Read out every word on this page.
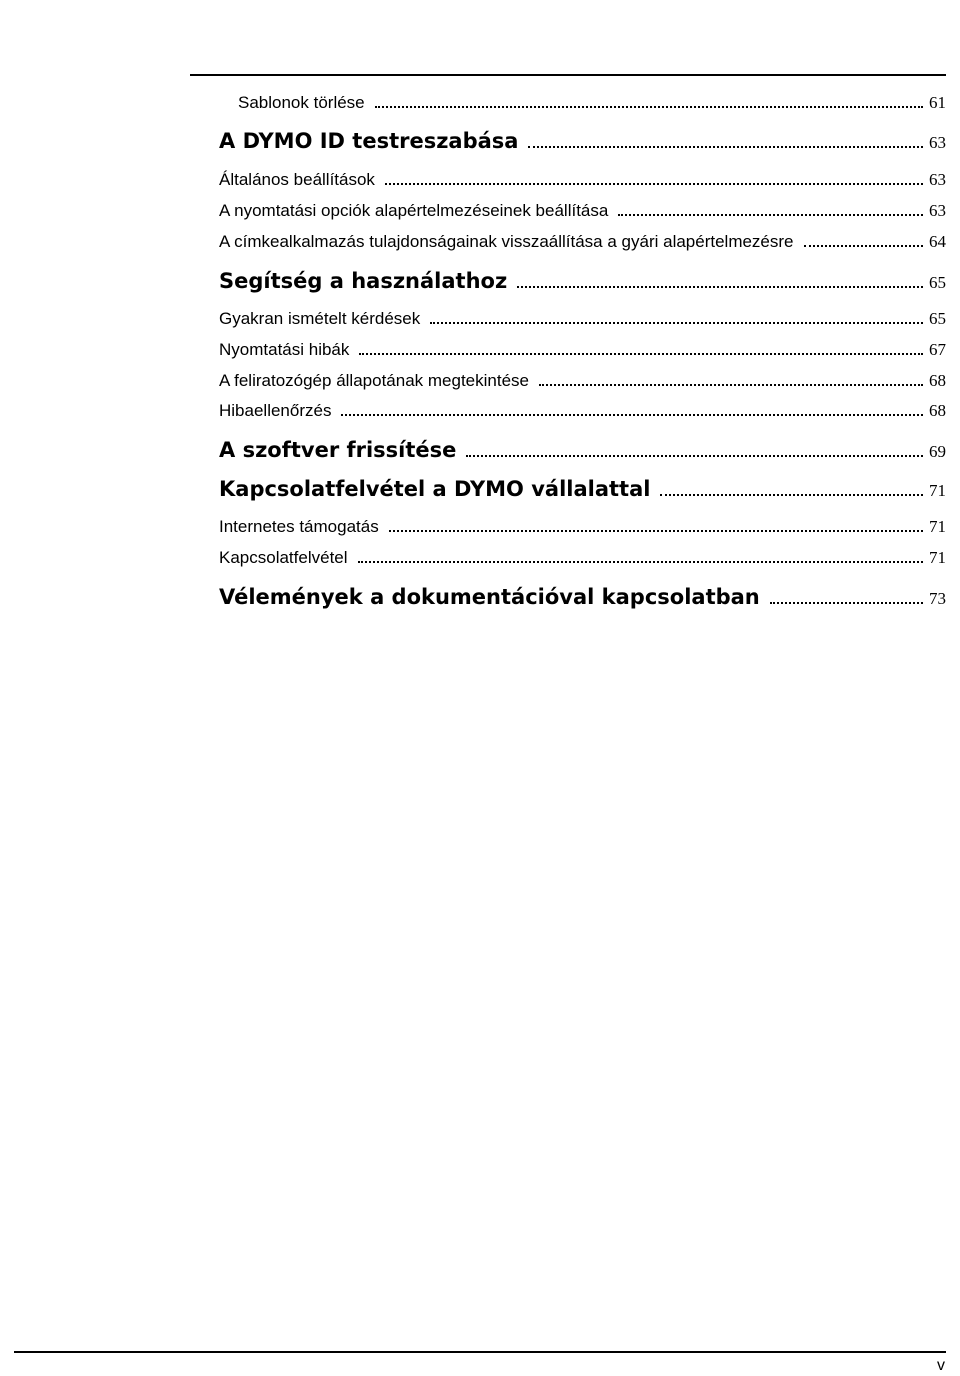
Sablonok törlése	61
A DYMO ID testreszabása	63
Általános beállítások	63
A nyomtatási opciók alapértelmezéseinek beállítása	63
A címkealkalmazás tulajdonságainak visszaállítása a gyári alapértelmezésre	64
Segítség a használathoz	65
Gyakran ismételt kérdések	65
Nyomtatási hibák	67
A feliratozógép állapotának megtekintése	68
Hibaellenőrzés	68
A szoftver frissítése	69
Kapcsolatfelvétel a DYMO vállalattal	71
Internetes támogatás	71
Kapcsolatfelvétel	71
Vélemények a dokumentációval kapcsolatban	73
v
